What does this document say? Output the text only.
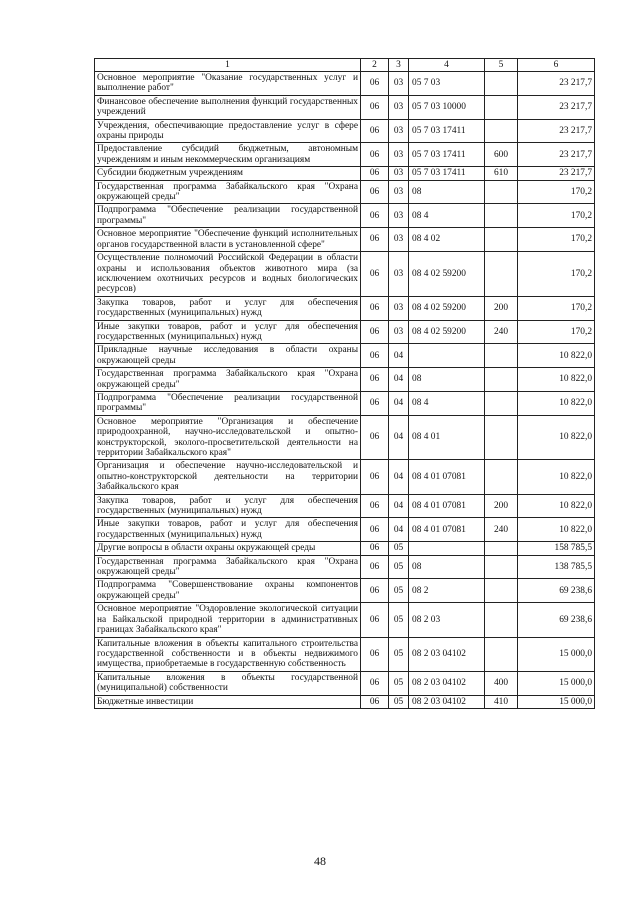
1	2	3	4	5	6
Основное мероприятие "Оказание государственных услуг и выполнение работ"	06	03	05 7 03		23 217,7
Финансовое обеспечение выполнения функций государственных учреждений	06	03	05 7 03 10000		23 217,7
Учреждения, обеспечивающие предоставление услуг в сфере охраны природы	06	03	05 7 03 17411		23 217,7
Предоставление субсидий бюджетным, автономным учреждениям и иным некоммерческим организациям	06	03	05 7 03 17411	600	23 217,7
Субсидии бюджетным учреждениям	06	03	05 7 03 17411	610	23 217,7
Государственная программа Забайкальского края "Охрана окружающей среды"	06	03	08		170,2
Подпрограмма "Обеспечение реализации государственной программы"	06	03	08 4		170,2
Основное мероприятие "Обеспечение функций исполнительных органов государственной власти в установленной сфере"	06	03	08 4 02		170,2
Осуществление полномочий Российской Федерации в области охраны и использования объектов животного мира (за исключением охотничьих ресурсов и водных биологических ресурсов)	06	03	08 4 02 59200		170,2
Закупка товаров, работ и услуг для обеспечения государственных (муниципальных) нужд	06	03	08 4 02 59200	200	170,2
Иные закупки товаров, работ и услуг для обеспечения государственных (муниципальных) нужд	06	03	08 4 02 59200	240	170,2
Прикладные научные исследования в области охраны окружающей среды	06	04			10 822,0
Государственная программа Забайкальского края "Охрана окружающей среды"	06	04	08		10 822,0
Подпрограмма "Обеспечение реализации государственной программы"	06	04	08 4		10 822,0
Основное мероприятие "Организация и обеспечение природоохранной, научно-исследовательской и опытно-конструкторской, эколого-просветительской деятельности на территории Забайкальского края"	06	04	08 4 01		10 822,0
Организация и обеспечение научно-исследовательской и опытно-конструкторской деятельности на территории Забайкальского края	06	04	08 4 01 07081		10 822,0
Закупка товаров, работ и услуг для обеспечения государственных (муниципальных) нужд	06	04	08 4 01 07081	200	10 822,0
Иные закупки товаров, работ и услуг для обеспечения государственных (муниципальных) нужд	06	04	08 4 01 07081	240	10 822,0
Другие вопросы в области охраны окружающей среды	06	05			158 785,5
Государственная программа Забайкальского края "Охрана окружающей среды"	06	05	08		138 785,5
Подпрограмма "Совершенствование охраны компонентов окружающей среды"	06	05	08 2		69 238,6
Основное мероприятие "Оздоровление экологической ситуации на Байкальской природной территории в административных границах Забайкальского края"	06	05	08 2 03		69 238,6
Капитальные вложения в объекты капитального строительства государственной собственности и в объекты недвижимого имущества, приобретаемые в государственную собственность	06	05	08 2 03 04102		15 000,0
Капитальные вложения в объекты государственной (муниципальной) собственности	06	05	08 2 03 04102	400	15 000,0
Бюджетные инвестиции	06	05	08 2 03 04102	410	15 000,0
48
